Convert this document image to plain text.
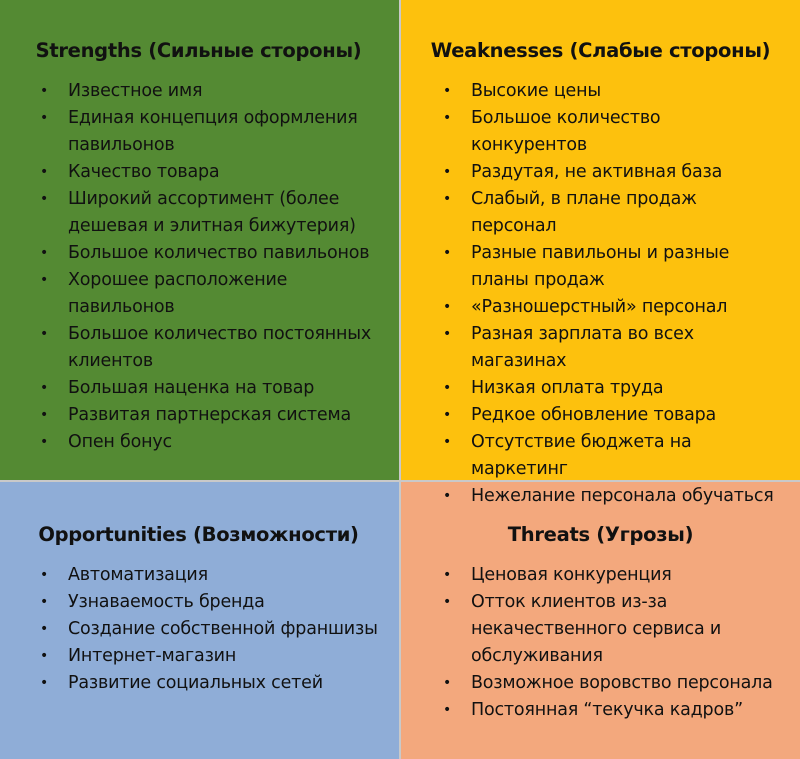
Strengths (Сильные стороны)
• Известное имя
• Единая концепция оформления павильонов
• Качество товара
• Широкий ассортимент (более дешевая и элитная бижутерия)
• Большое количество павильонов
• Хорошее расположение павильонов
• Большое количество постоянных клиентов
• Большая наценка на товар
• Развитая партнерская система
• Опен бонус
Weaknesses (Слабые стороны)
• Высокие цены
• Большое количество конкурентов
• Раздутая, не активная база
• Слабый, в плане продаж персонал
• Разные павильоны и разные планы продаж
• «Разношерстный» персонал
• Разная зарплата во всех магазинах
• Низкая оплата труда
• Редкое обновление товара
• Отсутствие бюджета на маркетинг
• Нежелание персонала обучаться
Opportunities (Возможности)
• Автоматизация
• Узнаваемость бренда
• Создание собственной франшизы
• Интернет-магазин
• Развитие социальных сетей
Threats (Угрозы)
• Ценовая конкуренция
• Отток клиентов из-за некачественного сервиса и обслуживания
• Возможное воровство персонала
• Постоянная “текучка кадров”
